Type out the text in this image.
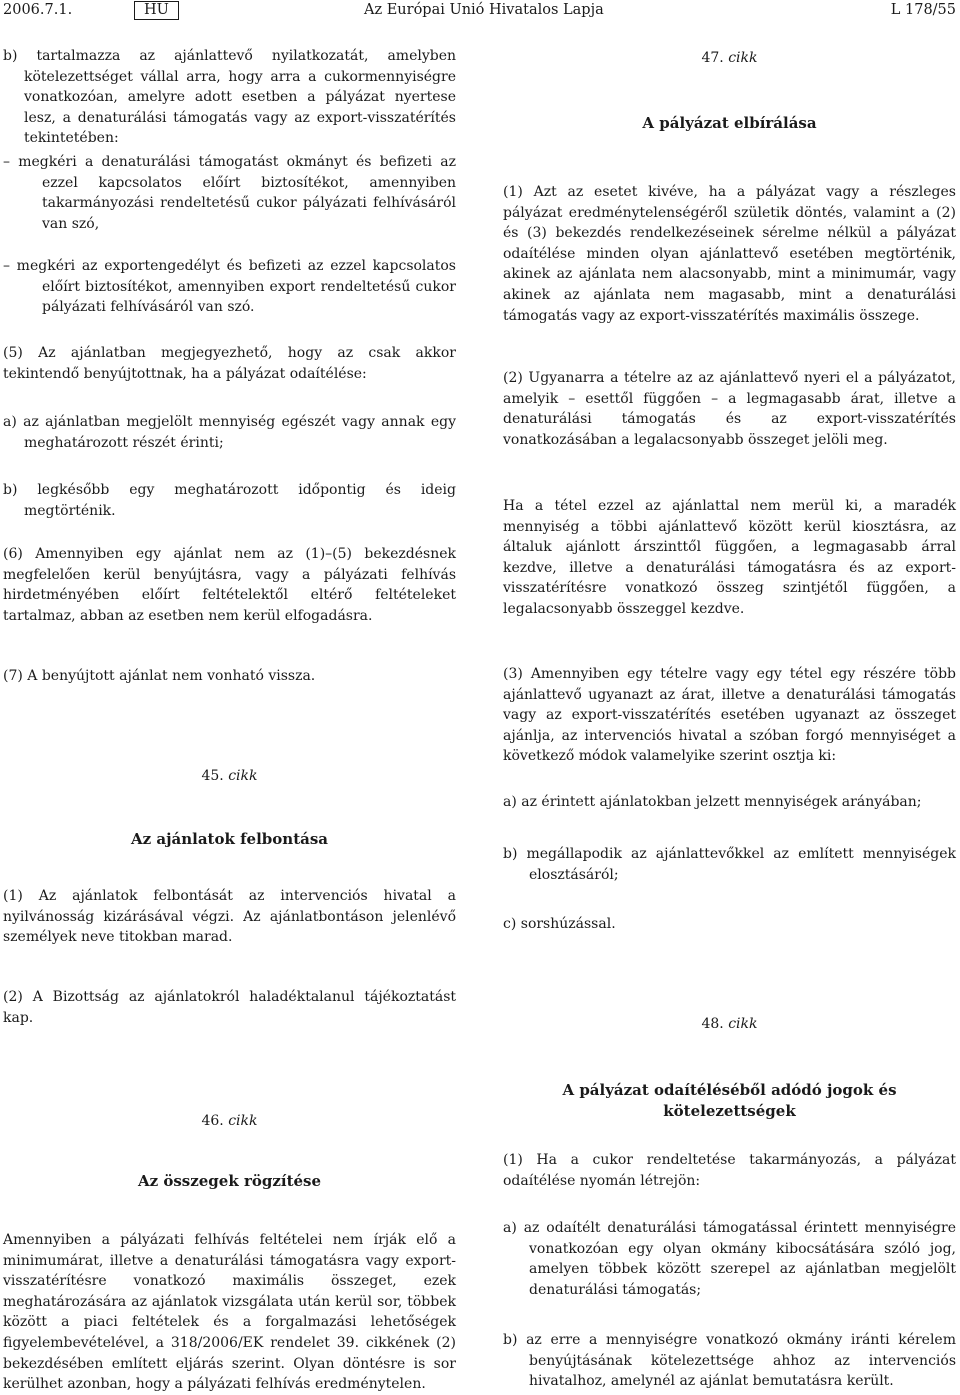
2006.7.1.	HU	Az Európai Unió Hivatalos Lapja	L 178/55

b) tartalmazza az ajánlattevő nyilatkozatát, amelyben kötelezettséget vállal arra, hogy arra a cukormennyiségre vonatkozóan, amelyre adott esetben a pályázat nyertese lesz, a denaturálási támogatás vagy az export-visszatérítés tekintetében:

– megkéri a denaturálási támogatást okmányt és befizeti az ezzel kapcsolatos előírt biztosítékot, amennyiben takarmányozási rendeltetésű cukor pályázati felhívásáról van szó,

– megkéri az exportengedélyt és befizeti az ezzel kapcsolatos előírt biztosítékot, amennyiben export rendeltetésű cukor pályázati felhívásáról van szó.

(5) Az ajánlatban megjegyezhető, hogy az csak akkor tekintendő benyújtottnak, ha a pályázat odaítélése:

a) az ajánlatban megjelölt mennyiség egészét vagy annak egy meghatározott részét érinti;

b) legkésőbb egy meghatározott időpontig és ideig megtörténik.

(6) Amennyiben egy ajánlat nem az (1)–(5) bekezdésnek megfelelően kerül benyújtásra, vagy a pályázati felhívás hirdetményében előírt feltételektől eltérő feltételeket tartalmaz, abban az esetben nem kerül elfogadásra.

(7) A benyújtott ajánlat nem vonható vissza.

45. cikk

Az ajánlatok felbontása

(1) Az ajánlatok felbontását az intervenciós hivatal a nyilvánosság kizárásával végzi. Az ajánlatbontáson jelenlévő személyek neve titokban marad.

(2) A Bizottság az ajánlatokról haladéktalanul tájékoztatást kap.

46. cikk

Az összegek rögzítése

Amennyiben a pályázati felhívás feltételei nem írják elő a minimumárat, illetve a denaturálási támogatásra vagy export-visszatérítésre vonatkozó maximális összeget, ezek meghatározására az ajánlatok vizsgálata után kerül sor, többek között a piaci feltételek és a forgalmazási lehetőségek figyelembevételével, a 318/2006/EK rendelet 39. cikkének (2) bekezdésében említett eljárás szerint. Olyan döntésre is sor kerülhet azonban, hogy a pályázati felhívás eredménytelen.

47. cikk

A pályázat elbírálása

(1) Azt az esetet kivéve, ha a pályázat vagy a részleges pályázat eredménytelenségéről születik döntés, valamint a (2) és (3) bekezdés rendelkezéseinek sérelme nélkül a pályázat odaítélése minden olyan ajánlattevő esetében megtörténik, akinek az ajánlata nem alacsonyabb, mint a minimumár, vagy akinek az ajánlata nem magasabb, mint a denaturálási támogatás vagy az export-visszatérítés maximális összege.

(2) Ugyanarra a tételre az az ajánlattevő nyeri el a pályázatot, amelyik – esettől függően – a legmagasabb árat, illetve a denaturálási támogatás és az export-visszatérítés vonatkozásában a legalacsonyabb összeget jelöli meg.

Ha a tétel ezzel az ajánlattal nem merül ki, a maradék mennyiség a többi ajánlattevő között kerül kiosztásra, az általuk ajánlott árszinttől függően, a legmagasabb árral kezdve, illetve a denaturálási támogatásra és az export-visszatérítésre vonatkozó összeg szintjétől függően, a legalacsonyabb összeggel kezdve.

(3) Amennyiben egy tételre vagy egy tétel egy részére több ajánlattevő ugyanazt az árat, illetve a denaturálási támogatás vagy az export-visszatérítés esetében ugyanazt az összeget ajánlja, az intervenciós hivatal a szóban forgó mennyiséget a következő módok valamelyike szerint osztja ki:

a) az érintett ajánlatokban jelzett mennyiségek arányában;

b) megállapodik az ajánlattevőkkel az említett mennyiségek elosztásáról;

c) sorshúzással.

48. cikk

A pályázat odaítéléséből adódó jogok és kötelezettségek

(1) Ha a cukor rendeltetése takarmányozás, a pályázat odaítélése nyomán létrejön:

a) az odaítélt denaturálási támogatással érintett mennyiségre vonatkozóan egy olyan okmány kibocsátására szóló jog, amelyen többek között szerepel az ajánlatban megjelölt denaturálási támogatás;

b) az erre a mennyiségre vonatkozó okmány iránti kérelem benyújtásának kötelezettsége ahhoz az intervenciós hivatalhoz, amelynél az ajánlat bemutatásra került.
